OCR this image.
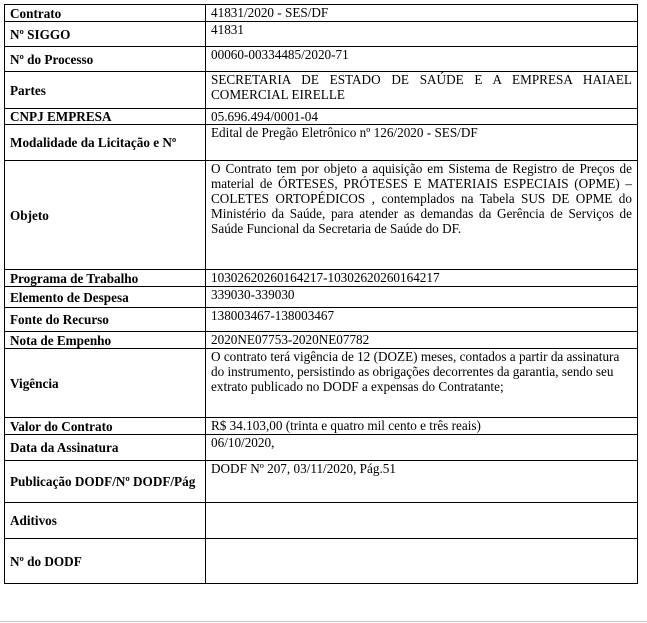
Contrato	41831/2020 - SES/DF
Nº SIGGO	41831
Nº do Processo	00060-00334485/2020-71
Partes	SECRETARIA DE ESTADO DE SAÚDE E A EMPRESA HAIAEL COMERCIAL EIRELLE
CNPJ EMPRESA	05.696.494/0001-04
Modalidade da Licitação e Nº	Edital de Pregão Eletrônico nº 126/2020 - SES/DF
Objeto	O Contrato tem por objeto a aquisição em Sistema de Registro de Preços de material de ÓRTESES, PRÓTESES E MATERIAIS ESPECIAIS (OPME) – COLETES ORTOPÉDICOS , contemplados na Tabela SUS DE OPME do Ministério da Saúde, para atender as demandas da Gerência de Serviços de Saúde Funcional da Secretaria de Saúde do DF.
Programa de Trabalho	10302620260164217-10302620260164217
Elemento de Despesa	339030-339030
Fonte do Recurso	138003467-138003467
Nota de Empenho	2020NE07753-2020NE07782
Vigência	O contrato terá vigência de 12 (DOZE) meses, contados a partir da assinatura do instrumento, persistindo as obrigações decorrentes da garantia, sendo seu extrato publicado no DODF a expensas do Contratante;
Valor do Contrato	R$ 34.103,00 (trinta e quatro mil cento e três reais)
Data da Assinatura	06/10/2020,
Publicação DODF/Nº DODF/Pág	DODF Nº 207, 03/11/2020, Pág.51
Aditivos	
Nº do DODF	
